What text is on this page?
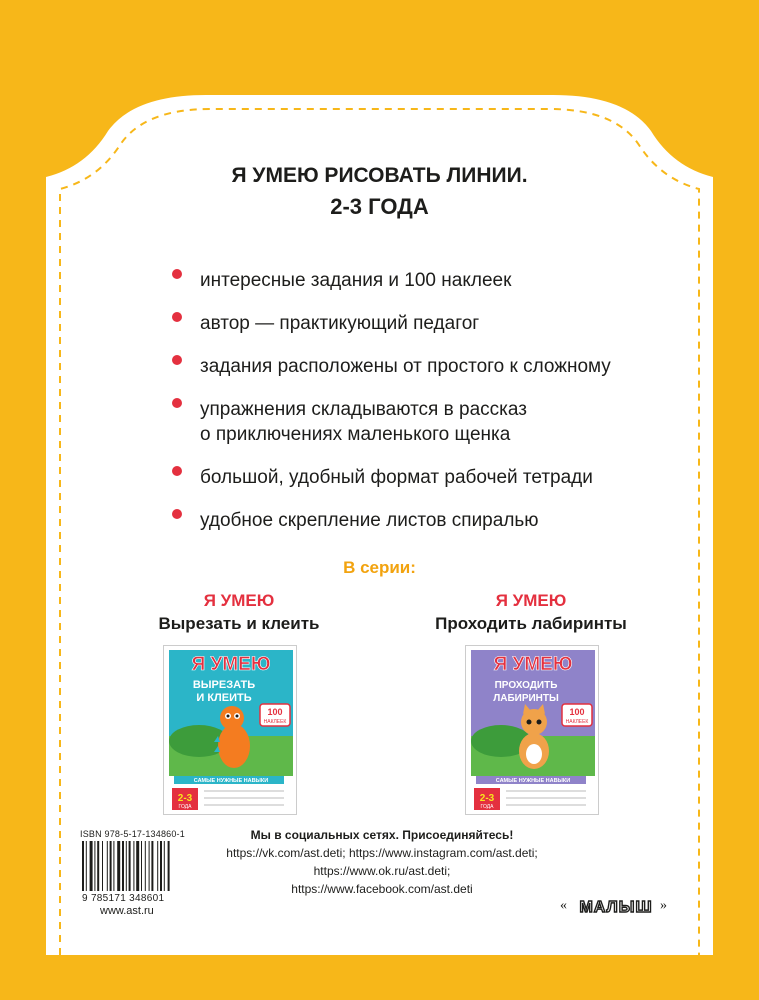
Я УМЕЮ РИСОВАТЬ ЛИНИИ.
2-3 ГОДА
интересные задания и 100 наклеек
автор — практикующий педагог
задания расположены от простого к сложному
упражнения складываются в рассказ
о приключениях маленького щенка
большой, удобный формат рабочей тетради
удобное скрепление листов спиралью
В серии:
Я УМЕЮ
Вырезать и клеить
Я УМЕЮ
Проходить лабиринты
Я УМЕЮ
ВЫРЕЗАТЬ
И КЛЕИТЬ
100
НАКЛЕЕК
САМЫЕ НУЖНЫЕ НАВЫКИ
2-3
ГОДА
Я УМЕЮ
ПРОХОДИТЬ
ЛАБИРИНТЫ
100
НАКЛЕЕК
САМЫЕ НУЖНЫЕ НАВЫКИ
2-3
ГОДА
ISBN 978-5-17-134860-1
9 785171 348601
www.ast.ru
Мы в социальных сетях. Присоединяйтесь!
https://vk.com/ast.deti; https://www.instagram.com/ast.deti;
https://www.ok.ru/ast.deti;
https://www.facebook.com/ast.deti
« МАЛЫШ »
